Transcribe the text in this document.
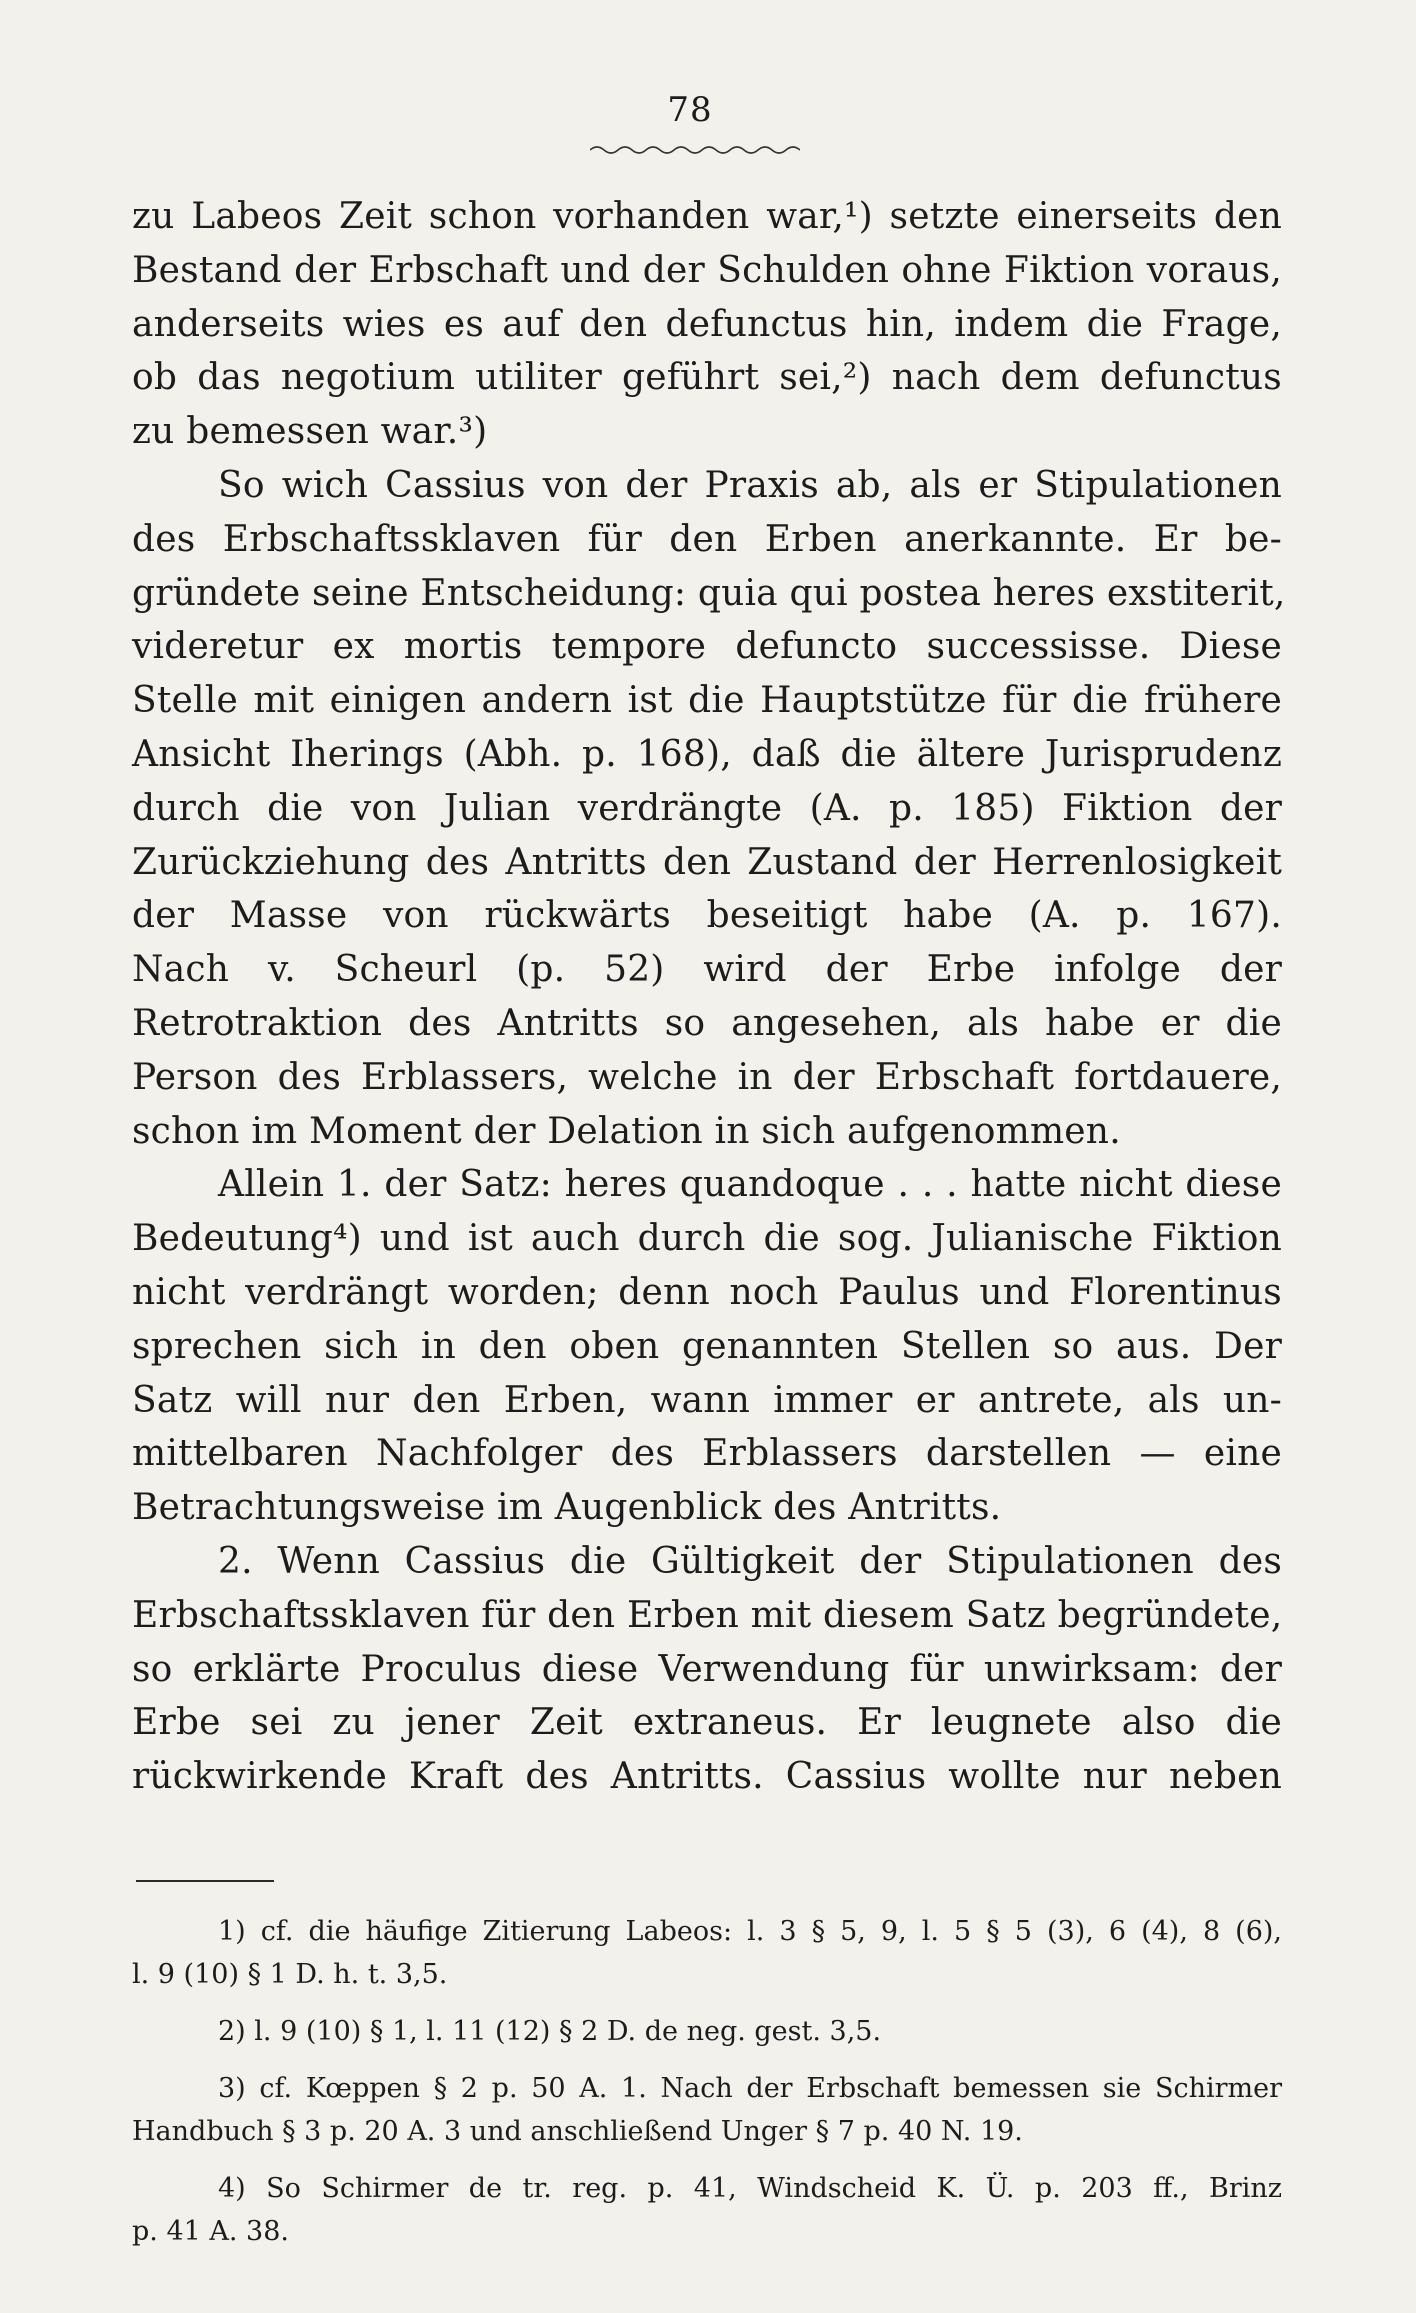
78
zu Labeos Zeit schon vorhanden war,¹) setzte einerseits den
Bestand der Erbschaft und der Schulden ohne Fiktion voraus,
anderseits wies es auf den defunctus hin, indem die Frage,
ob das negotium utiliter geführt sei,²) nach dem defunctus
zu bemessen war.³)
So wich Cassius von der Praxis ab, als er Stipulationen
des Erbschaftssklaven für den Erben anerkannte. Er be-
gründete seine Entscheidung: quia qui postea heres exstiterit,
videretur ex mortis tempore defuncto successisse. Diese
Stelle mit einigen andern ist die Hauptstütze für die frühere
Ansicht Iherings (Abh. p. 168), daß die ältere Jurisprudenz
durch die von Julian verdrängte (A. p. 185) Fiktion der
Zurückziehung des Antritts den Zustand der Herrenlosigkeit
der Masse von rückwärts beseitigt habe (A. p. 167).
Nach v. Scheurl (p. 52) wird der Erbe infolge der
Retrotraktion des Antritts so angesehen, als habe er die
Person des Erblassers, welche in der Erbschaft fortdauere,
schon im Moment der Delation in sich aufgenommen.
Allein 1. der Satz: heres quandoque . . . hatte nicht diese
Bedeutung⁴) und ist auch durch die sog. Julianische Fiktion
nicht verdrängt worden; denn noch Paulus und Florentinus
sprechen sich in den oben genannten Stellen so aus. Der
Satz will nur den Erben, wann immer er antrete, als un-
mittelbaren Nachfolger des Erblassers darstellen — eine
Betrachtungsweise im Augenblick des Antritts.
2. Wenn Cassius die Gültigkeit der Stipulationen des
Erbschaftssklaven für den Erben mit diesem Satz begründete,
so erklärte Proculus diese Verwendung für unwirksam: der
Erbe sei zu jener Zeit extraneus. Er leugnete also die
rückwirkende Kraft des Antritts. Cassius wollte nur neben
1) cf. die häufige Zitierung Labeos: l. 3 § 5, 9, l. 5 § 5 (3), 6 (4), 8 (6),
l. 9 (10) § 1 D. h. t. 3,5.
2) l. 9 (10) § 1, l. 11 (12) § 2 D. de neg. gest. 3,5.
3) cf. Kœppen § 2 p. 50 A. 1. Nach der Erbschaft bemessen sie Schirmer
Handbuch § 3 p. 20 A. 3 und anschließend Unger § 7 p. 40 N. 19.
4) So Schirmer de tr. reg. p. 41, Windscheid K. Ü. p. 203 ff., Brinz
p. 41 A. 38.
